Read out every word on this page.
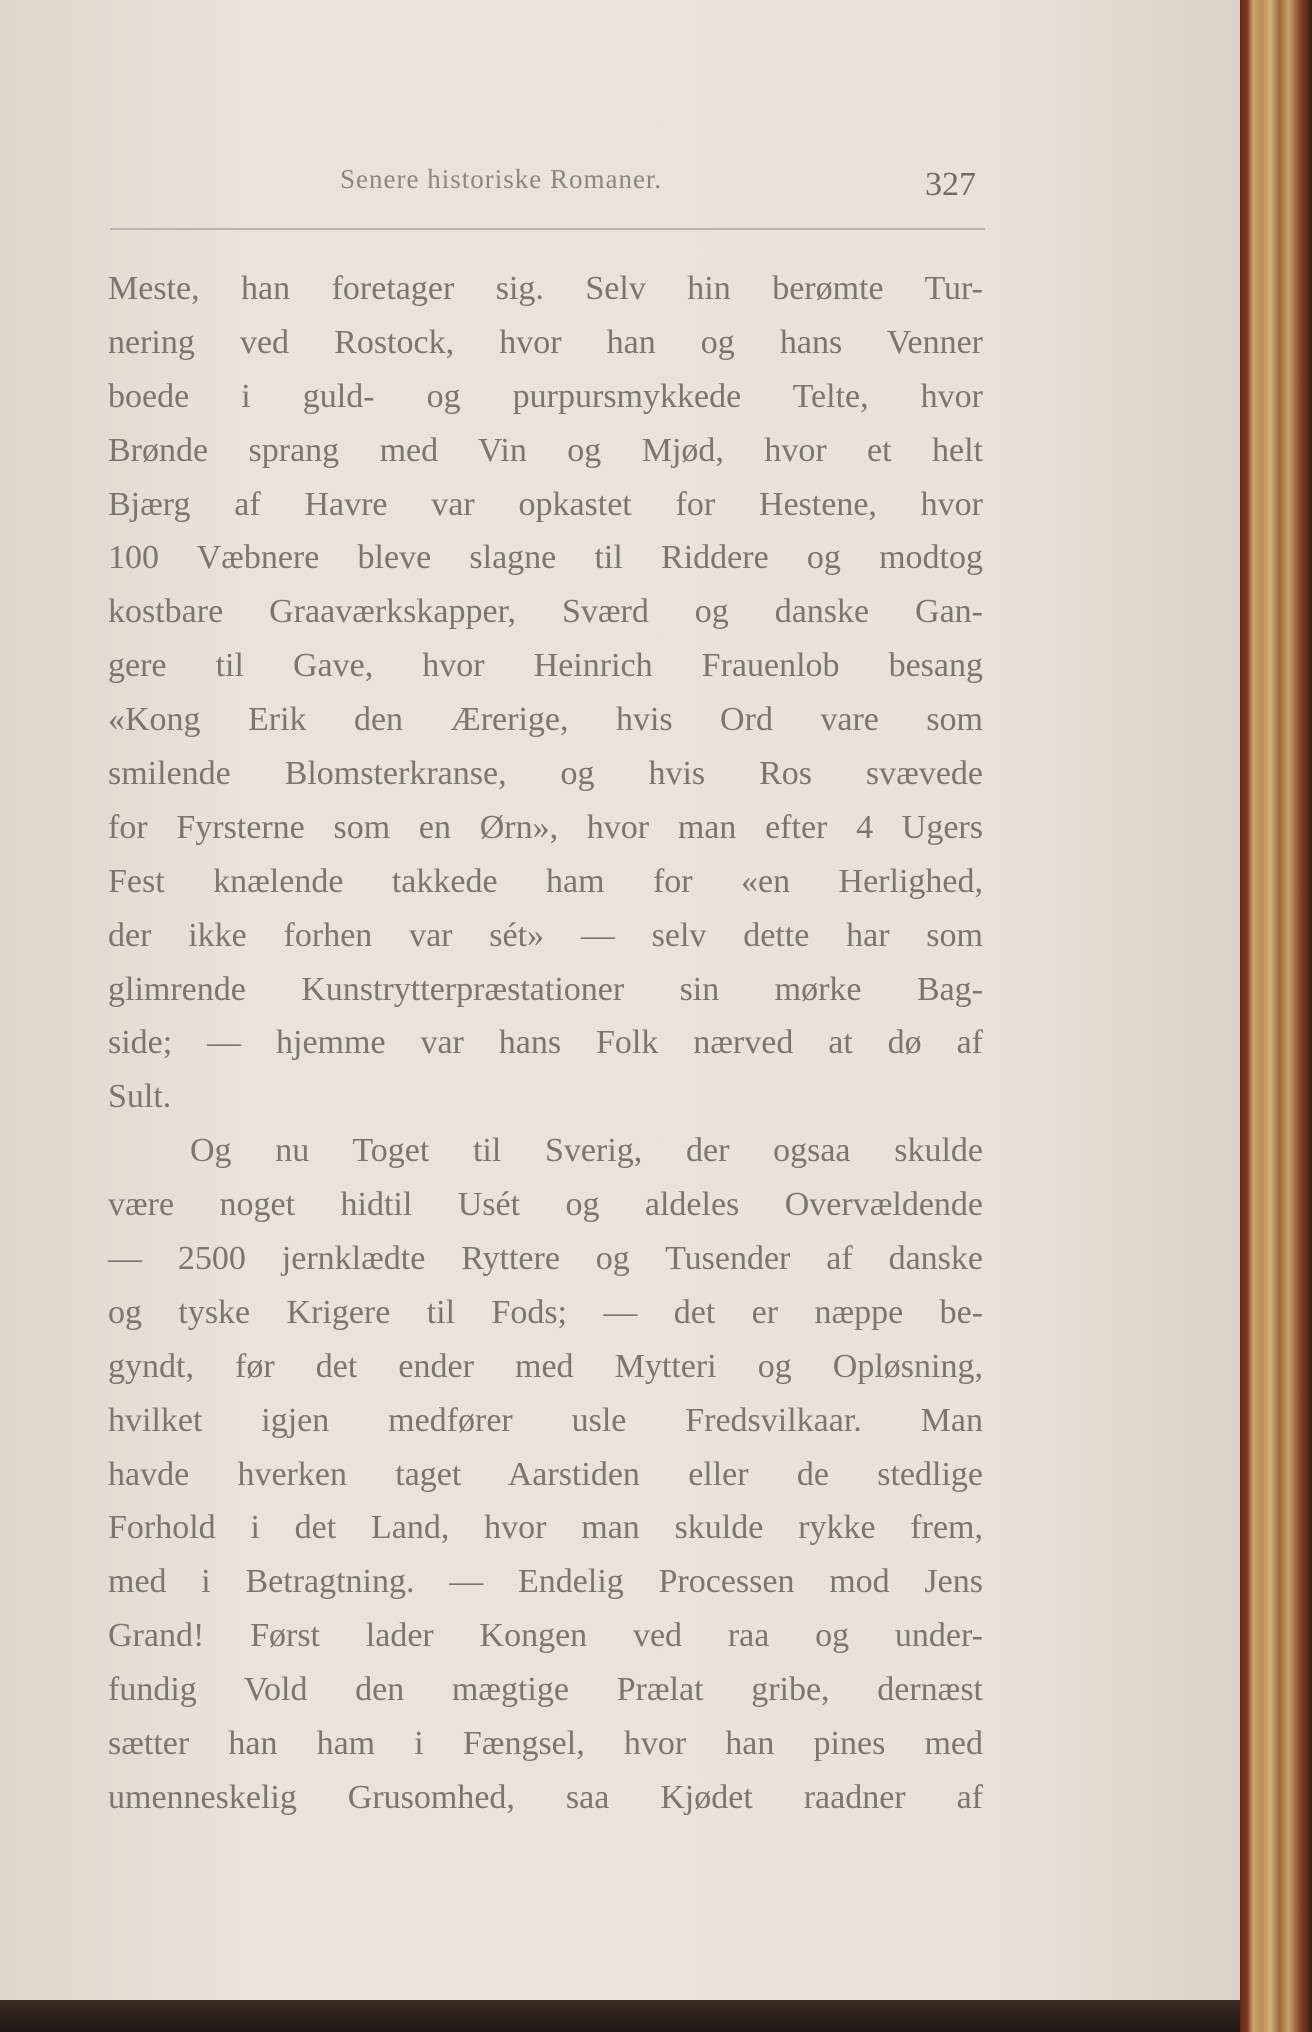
Senere historiske Romaner.	327
Meste, han foretager sig. Selv hin berømte Tur-
nering ved Rostock, hvor han og hans Venner
boede i guld- og purpursmykkede Telte, hvor
Brønde sprang med Vin og Mjød, hvor et helt
Bjærg af Havre var opkastet for Hestene, hvor
100 Væbnere bleve slagne til Riddere og modtog
kostbare Graaværkskapper, Sværd og danske Gan-
gere til Gave, hvor Heinrich Frauenlob besang
«Kong Erik den Ærerige, hvis Ord vare som
smilende Blomsterkranse, og hvis Ros svævede
for Fyrsterne som en Ørn», hvor man efter 4 Ugers
Fest knælende takkede ham for «en Herlighed,
der ikke forhen var sét» — selv dette har som
glimrende Kunstrytterpræstationer sin mørke Bag-
side; — hjemme var hans Folk nærved at dø af
Sult.
Og nu Toget til Sverig, der ogsaa skulde
være noget hidtil Usét og aldeles Overvældende
— 2500 jernklædte Ryttere og Tusender af danske
og tyske Krigere til Fods; — det er næppe be-
gyndt, før det ender med Mytteri og Opløsning,
hvilket igjen medfører usle Fredsvilkaar. Man
havde hverken taget Aarstiden eller de stedlige
Forhold i det Land, hvor man skulde rykke frem,
med i Betragtning. — Endelig Processen mod Jens
Grand! Først lader Kongen ved raa og under-
fundig Vold den mægtige Prælat gribe, dernæst
sætter han ham i Fængsel, hvor han pines med
umenneskelig Grusomhed, saa Kjødet raadner af
